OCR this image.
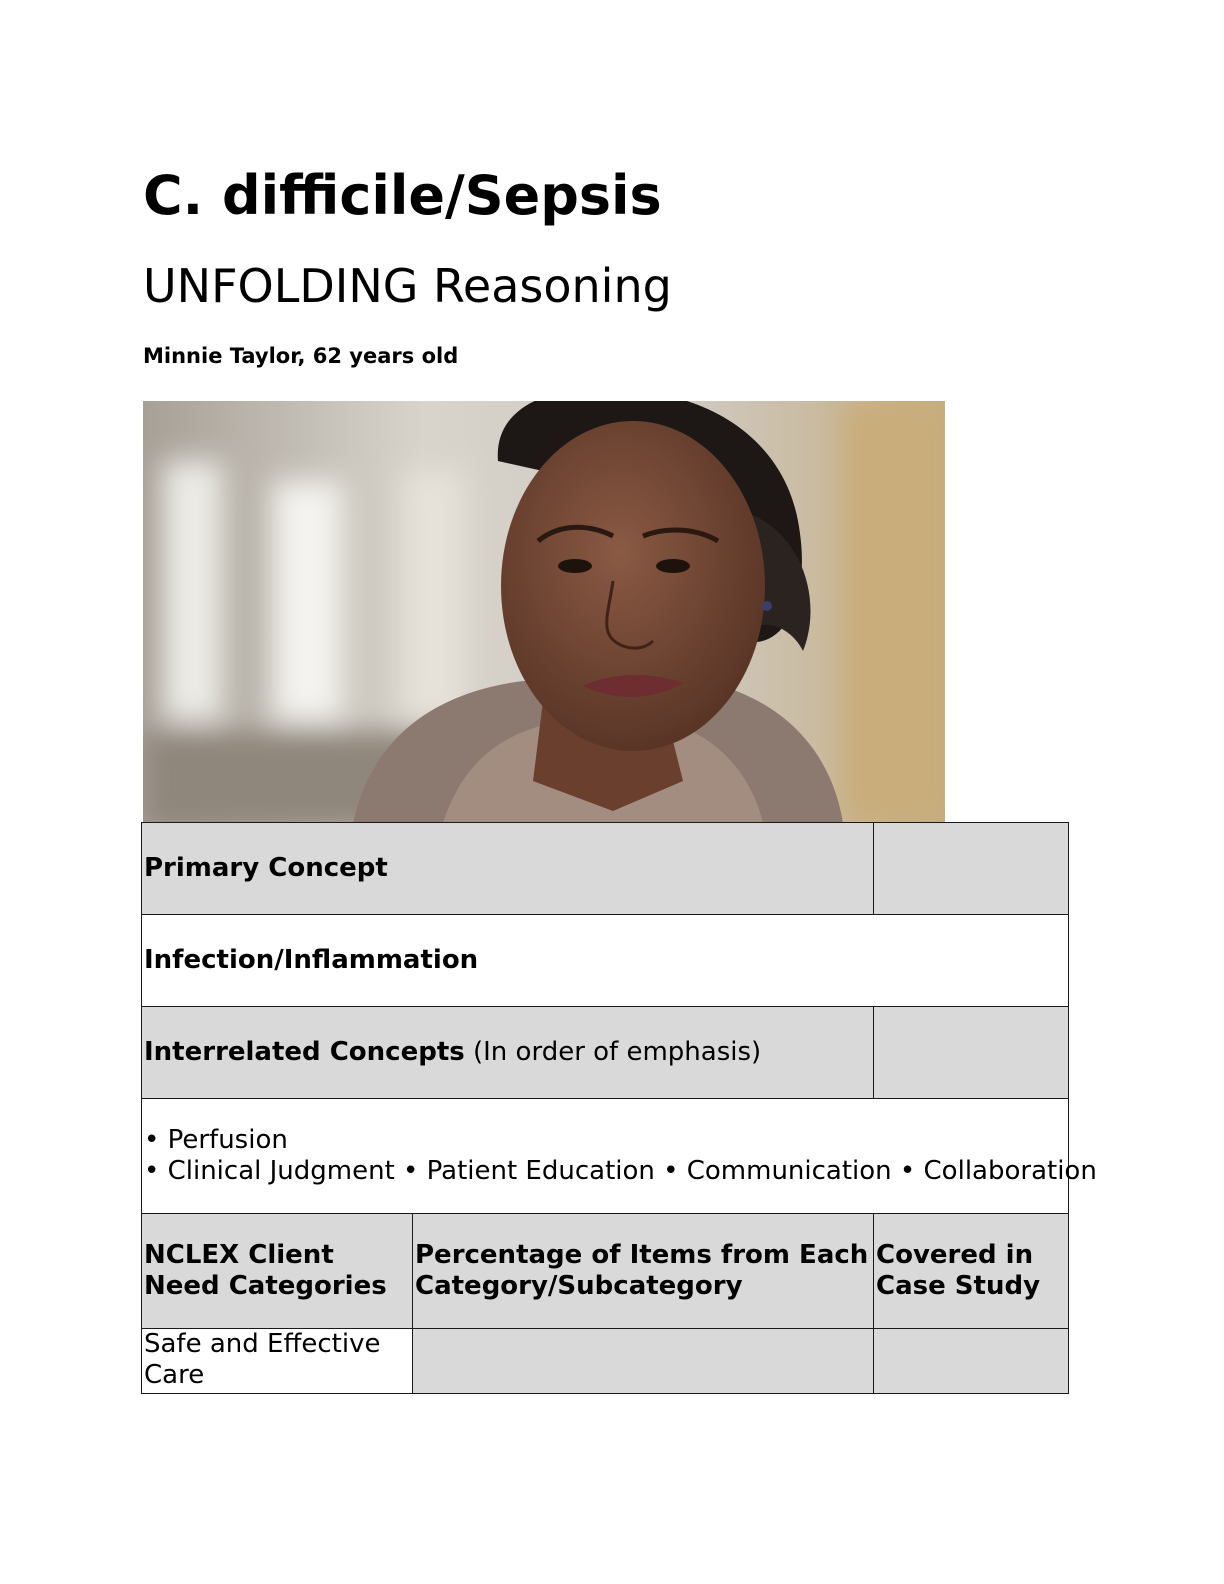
C. difficile/Sepsis
UNFOLDING Reasoning

Minnie Taylor, 62 years old

Primary Concept		
Infection/Inflammation		
Interrelated Concepts (In order of emphasis)		

• Perfusion
• Clinical Judgment • Patient Education • Communication • Collaboration		

NCLEX Client Need Categories	Percentage of Items from Each Category/Subcategory	Covered in Case Study
Safe and Effective Care		
